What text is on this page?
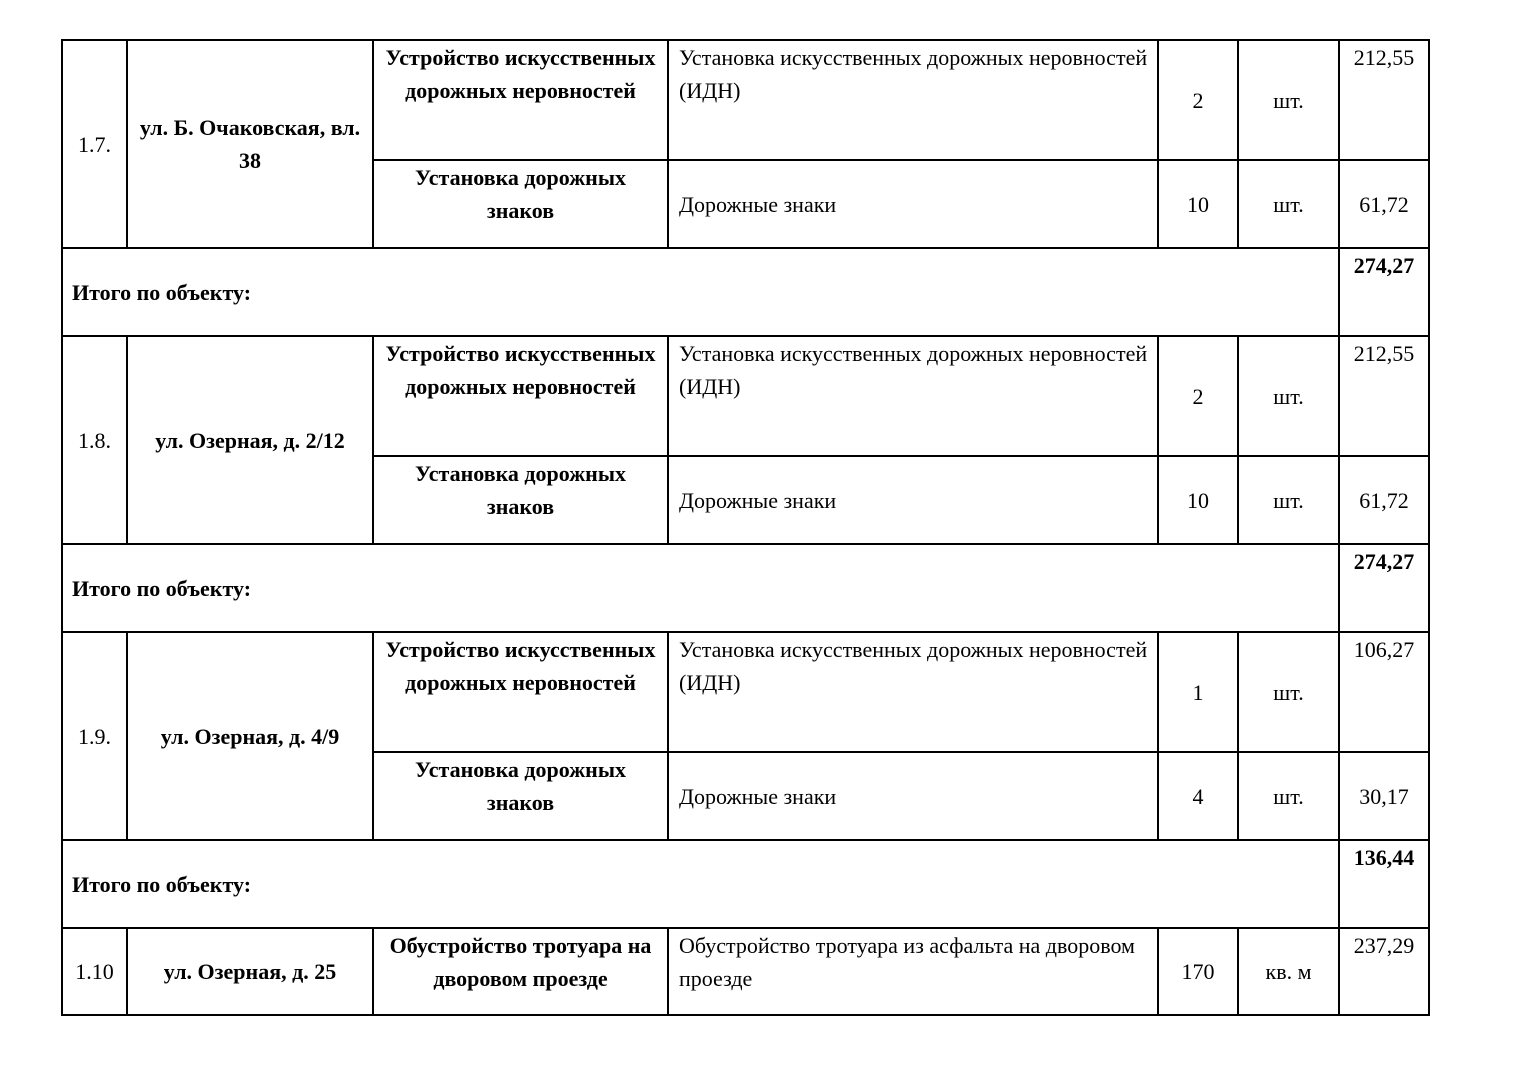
1.7.	ул. Б. Очаковская, вл. 38	Устройство искусственных дорожных неровностей	Установка искусственных дорожных неровностей (ИДН)	2	шт.	212,55
		Установка дорожных знаков	Дорожные знаки	10	шт.	61,72
Итого по объекту:						274,27
1.8.	ул. Озерная, д. 2/12	Устройство искусственных дорожных неровностей	Установка искусственных дорожных неровностей (ИДН)	2	шт.	212,55
		Установка дорожных знаков	Дорожные знаки	10	шт.	61,72
Итого по объекту:						274,27
1.9.	ул. Озерная, д. 4/9	Устройство искусственных дорожных неровностей	Установка искусственных дорожных неровностей (ИДН)	1	шт.	106,27
		Установка дорожных знаков	Дорожные знаки	4	шт.	30,17
Итого по объекту:						136,44
1.10	ул. Озерная, д. 25	Обустройство тротуара на дворовом проезде	Обустройство тротуара из асфальта на дворовом проезде	170	кв. м	237,29
